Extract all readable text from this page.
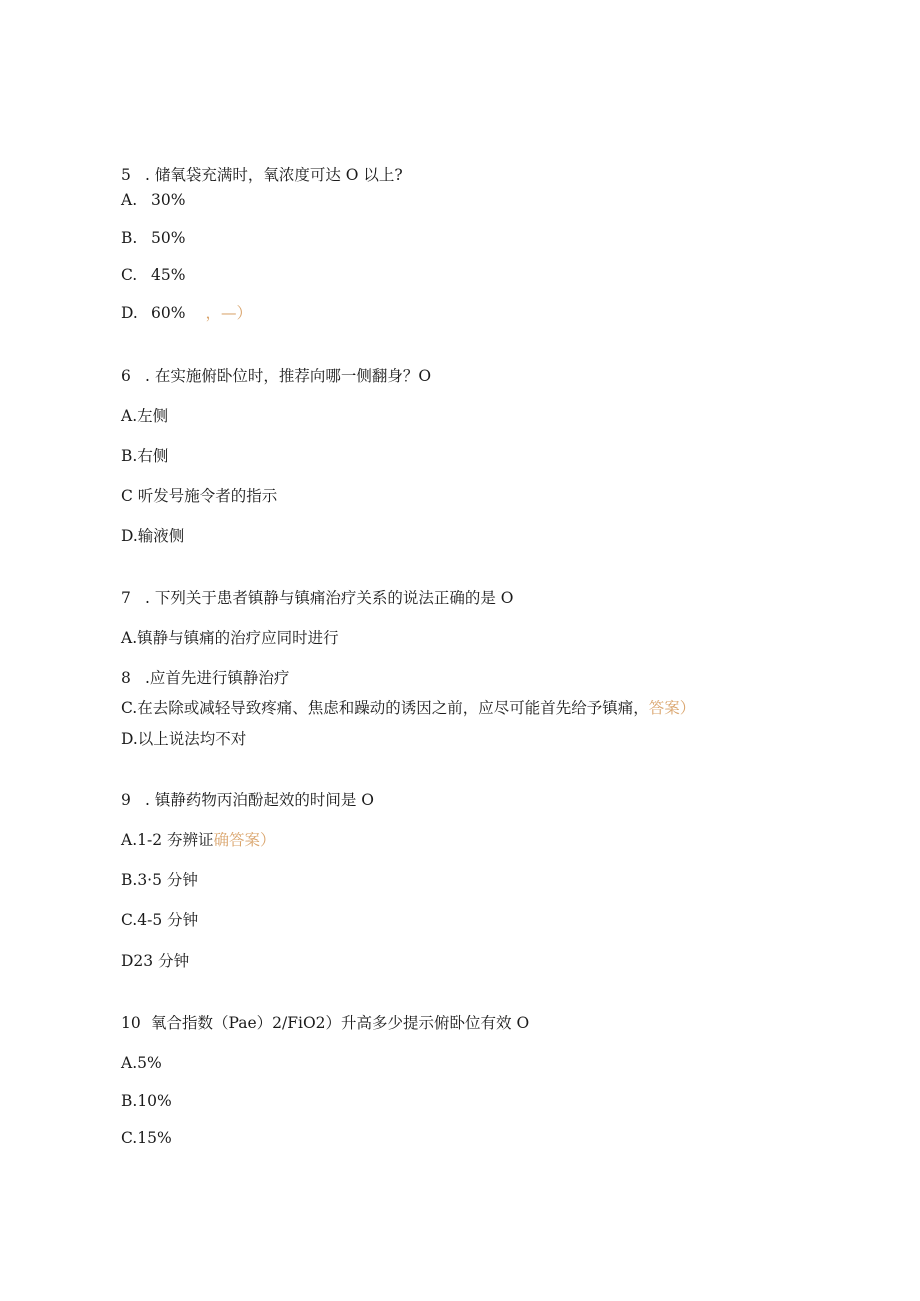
5 . 储氧袋充满时，氧浓度可达 O 以上?
A. 30%
B. 50%
C. 45%
D. 60% ，—）
6 . 在实施俯卧位时，推荐向哪一侧翻身？O
A.左侧
B.右侧
C 听发号施令者的指示
D.输液侧
7 . 下列关于患者镇静与镇痛治疗关系的说法正确的是 O
A.镇静与镇痛的治疗应同时进行
8 .应首先进行镇静治疗
C.在去除或减轻导致疼痛、焦虑和躁动的诱因之前，应尽可能首先给予镇痛，答案）
D.以上说法均不对
9 . 镇静药物丙泊酚起效的时间是 O
A.1-2 夯辨证确答案）
B.3·5 分钟
C.4-5 分钟
D23 分钟
10 氧合指数（Pae）2/FiO2）升高多少提示俯卧位有效 O
A.5%
B.10%
C.15%
